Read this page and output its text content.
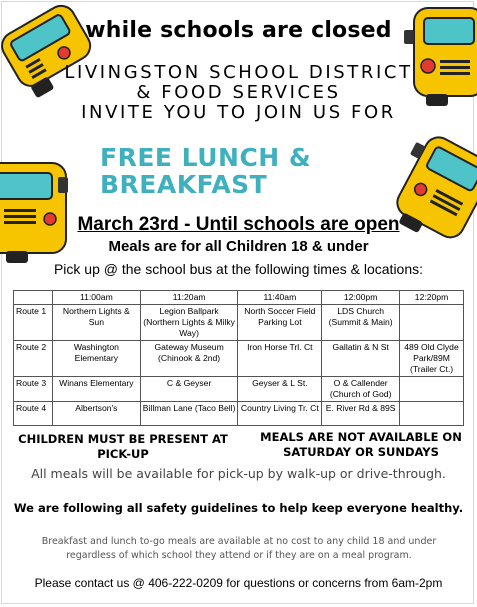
while schools are closed
LIVINGSTON SCHOOL DISTRICT
& FOOD SERVICES
INVITE YOU TO JOIN US FOR
FREE LUNCH &
BREAKFAST
March 23rd - Until schools are open
Meals are for all Children 18 & under
Pick up @ the school bus at the following times & locations:
	11:00am	11:20am	11:40am	12:00pm	12:20pm
Route 1	Northern Lights & Sun	Legion Ballpark (Northern Lights & Milky Way)	North Soccer Field Parking Lot	LDS Church (Summit & Main)	
Route 2	Washington Elementary	Gateway Museum (Chinook & 2nd)	Iron Horse Trl. Ct	Gallatin & N St	489 Old Clyde Park/89M (Trailer Ct.)
Route 3	Winans Elementary	C & Geyser	Geyser & L St.	O & Callender (Church of God)	
Route 4	Albertson's	Billman Lane (Taco Bell)	Country Living Tr. Ct	E. River Rd & 89S	
CHILDREN MUST BE PRESENT AT
PICK-UP
MEALS ARE NOT AVAILABLE ON
SATURDAY OR SUNDAYS
All meals will be available for pick-up by walk-up or drive-through.
We are following all safety guidelines to help keep everyone healthy.
Breakfast and lunch to-go meals are available at no cost to any child 18 and under
regardless of which school they attend or if they are on a meal program.
Please contact us @ 406-222-0209 for questions or concerns from 6am-2pm
